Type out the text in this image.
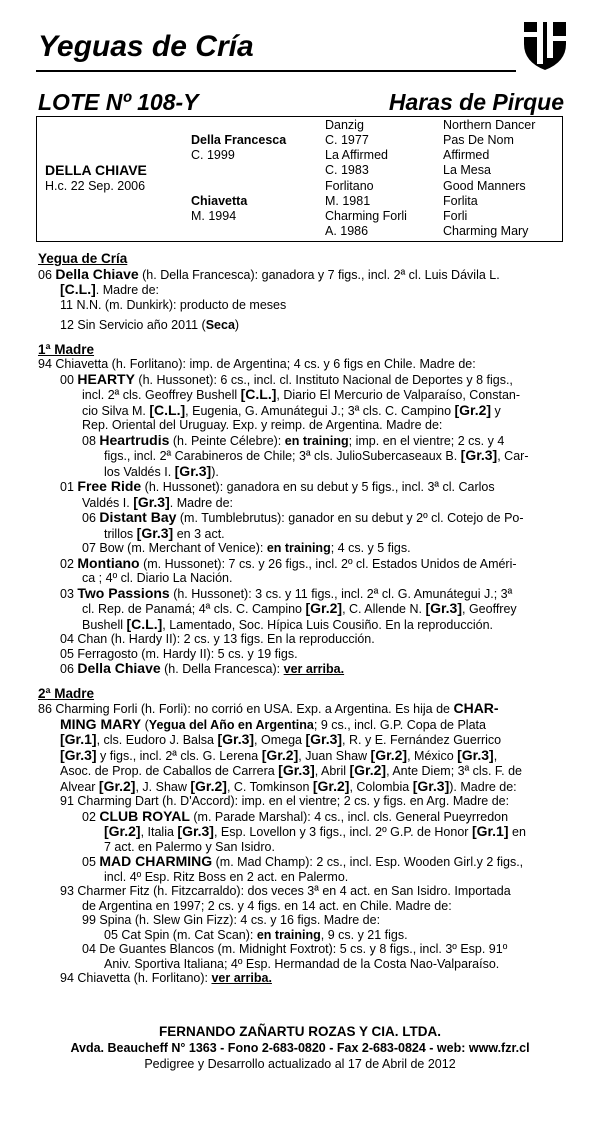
Yeguas de Cría
LOTE Nº 108-Y	Haras de Pirque
DELLA CHIAVE
H.c. 22 Sep. 2006
Della Francesca
C. 1999
Chiavetta
M. 1994
Danzig
C. 1977
La Affirmed
C. 1983
Forlitano
M. 1981
Charming Forli
A. 1986
Northern Dancer
Pas De Nom
Affirmed
La Mesa
Good Manners
Forlita
Forli
Charming Mary
Yegua de Cría
06 Della Chiave (h. Della Francesca): ganadora y 7 figs., incl. 2ª cl. Luis Dávila L.
[C.L.]. Madre de:
11 N.N. (m. Dunkirk): producto de meses
12 Sin Servicio año 2011 (Seca)
1ª Madre
94 Chiavetta (h. Forlitano): imp. de Argentina; 4 cs. y 6 figs en Chile. Madre de:
00 HEARTY (h. Hussonet): 6 cs., incl. cl. Instituto Nacional de Deportes y 8 figs.,
incl. 2ª cls. Geoffrey Bushell [C.L.], Diario El Mercurio de Valparaíso, Constan-
cio Silva M. [C.L.], Eugenia, G. Amunátegui J.; 3ª cls. C. Campino [Gr.2] y
Rep. Oriental del Uruguay. Exp. y reimp. de Argentina. Madre de:
08 Heartrudis (h. Peinte Célebre): en training; imp. en el vientre; 2 cs. y 4
figs., incl. 2ª Carabineros de Chile; 3ª cls. JulioSubercaseaux B. [Gr.3], Car-
los Valdés I. [Gr.3]).
01 Free Ride (h. Hussonet): ganadora en su debut y 5 figs., incl. 3ª cl. Carlos
Valdés I. [Gr.3]. Madre de:
06 Distant Bay (m. Tumblebrutus): ganador en su debut y 2º cl. Cotejo de Po-
trillos [Gr.3] en 3 act.
07 Bow (m. Merchant of Venice): en training; 4 cs. y 5 figs.
02 Montiano (m. Hussonet): 7 cs. y 26 figs., incl. 2º cl. Estados Unidos de Améri-
ca ; 4º cl. Diario La Nación.
03 Two Passions (h. Hussonet): 3 cs. y 11 figs., incl. 2ª cl. G. Amunátegui J.; 3ª
cl. Rep. de Panamá; 4ª cls. C. Campino [Gr.2], C. Allende N. [Gr.3], Geoffrey
Bushell [C.L.], Lamentado, Soc. Hípica Luis Cousiño. En la reproducción.
04 Chan (h. Hardy II): 2 cs. y 13 figs. En la reproducción.
05 Ferragosto (m. Hardy II): 5 cs. y 19 figs.
06 Della Chiave (h. Della Francesca): ver arriba.
2ª Madre
86 Charming Forli (h. Forli): no corrió en USA. Exp. a Argentina. Es hija de CHAR-
MING MARY (Yegua del Año en Argentina; 9 cs., incl. G.P. Copa de Plata
[Gr.1], cls. Eudoro J. Balsa [Gr.3], Omega [Gr.3], R. y E. Fernández Guerrico
[Gr.3] y figs., incl. 2ª cls. G. Lerena [Gr.2], Juan Shaw [Gr.2], México [Gr.3],
Asoc. de Prop. de Caballos de Carrera [Gr.3], Abril [Gr.2], Ante Diem; 3ª cls. F. de
Alvear [Gr.2], J. Shaw [Gr.2], C. Tomkinson [Gr.2], Colombia [Gr.3]). Madre de:
91 Charming Dart (h. D'Accord): imp. en el vientre; 2 cs. y figs. en Arg. Madre de:
02 CLUB ROYAL (m. Parade Marshal): 4 cs., incl. cls. General Pueyrredon
[Gr.2], Italia [Gr.3], Esp. Lovellon y 3 figs., incl. 2º G.P. de Honor [Gr.1] en
7 act. en Palermo y San Isidro.
05 MAD CHARMING (m. Mad Champ): 2 cs., incl. Esp. Wooden Girl.y 2 figs.,
incl. 4º Esp. Ritz Boss en 2 act. en Palermo.
93 Charmer Fitz (h. Fitzcarraldo): dos veces 3ª en 4 act. en San Isidro. Importada
de Argentina en 1997; 2 cs. y 4 figs. en 14 act. en Chile. Madre de:
99 Spina (h. Slew Gin Fizz): 4 cs. y 16 figs. Madre de:
05 Cat Spin (m. Cat Scan): en training, 9 cs. y 21 figs.
04 De Guantes Blancos (m. Midnight Foxtrot): 5 cs. y 8 figs., incl. 3º Esp. 91º
Aniv. Sportiva Italiana; 4º Esp. Hermandad de la Costa Nao-Valparaíso.
94 Chiavetta (h. Forlitano): ver arriba.
FERNANDO ZAÑARTU ROZAS Y CIA. LTDA.
Avda. Beaucheff N° 1363 - Fono 2-683-0820 - Fax 2-683-0824 - web: www.fzr.cl
Pedigree y Desarrollo actualizado al 17 de Abril de 2012
